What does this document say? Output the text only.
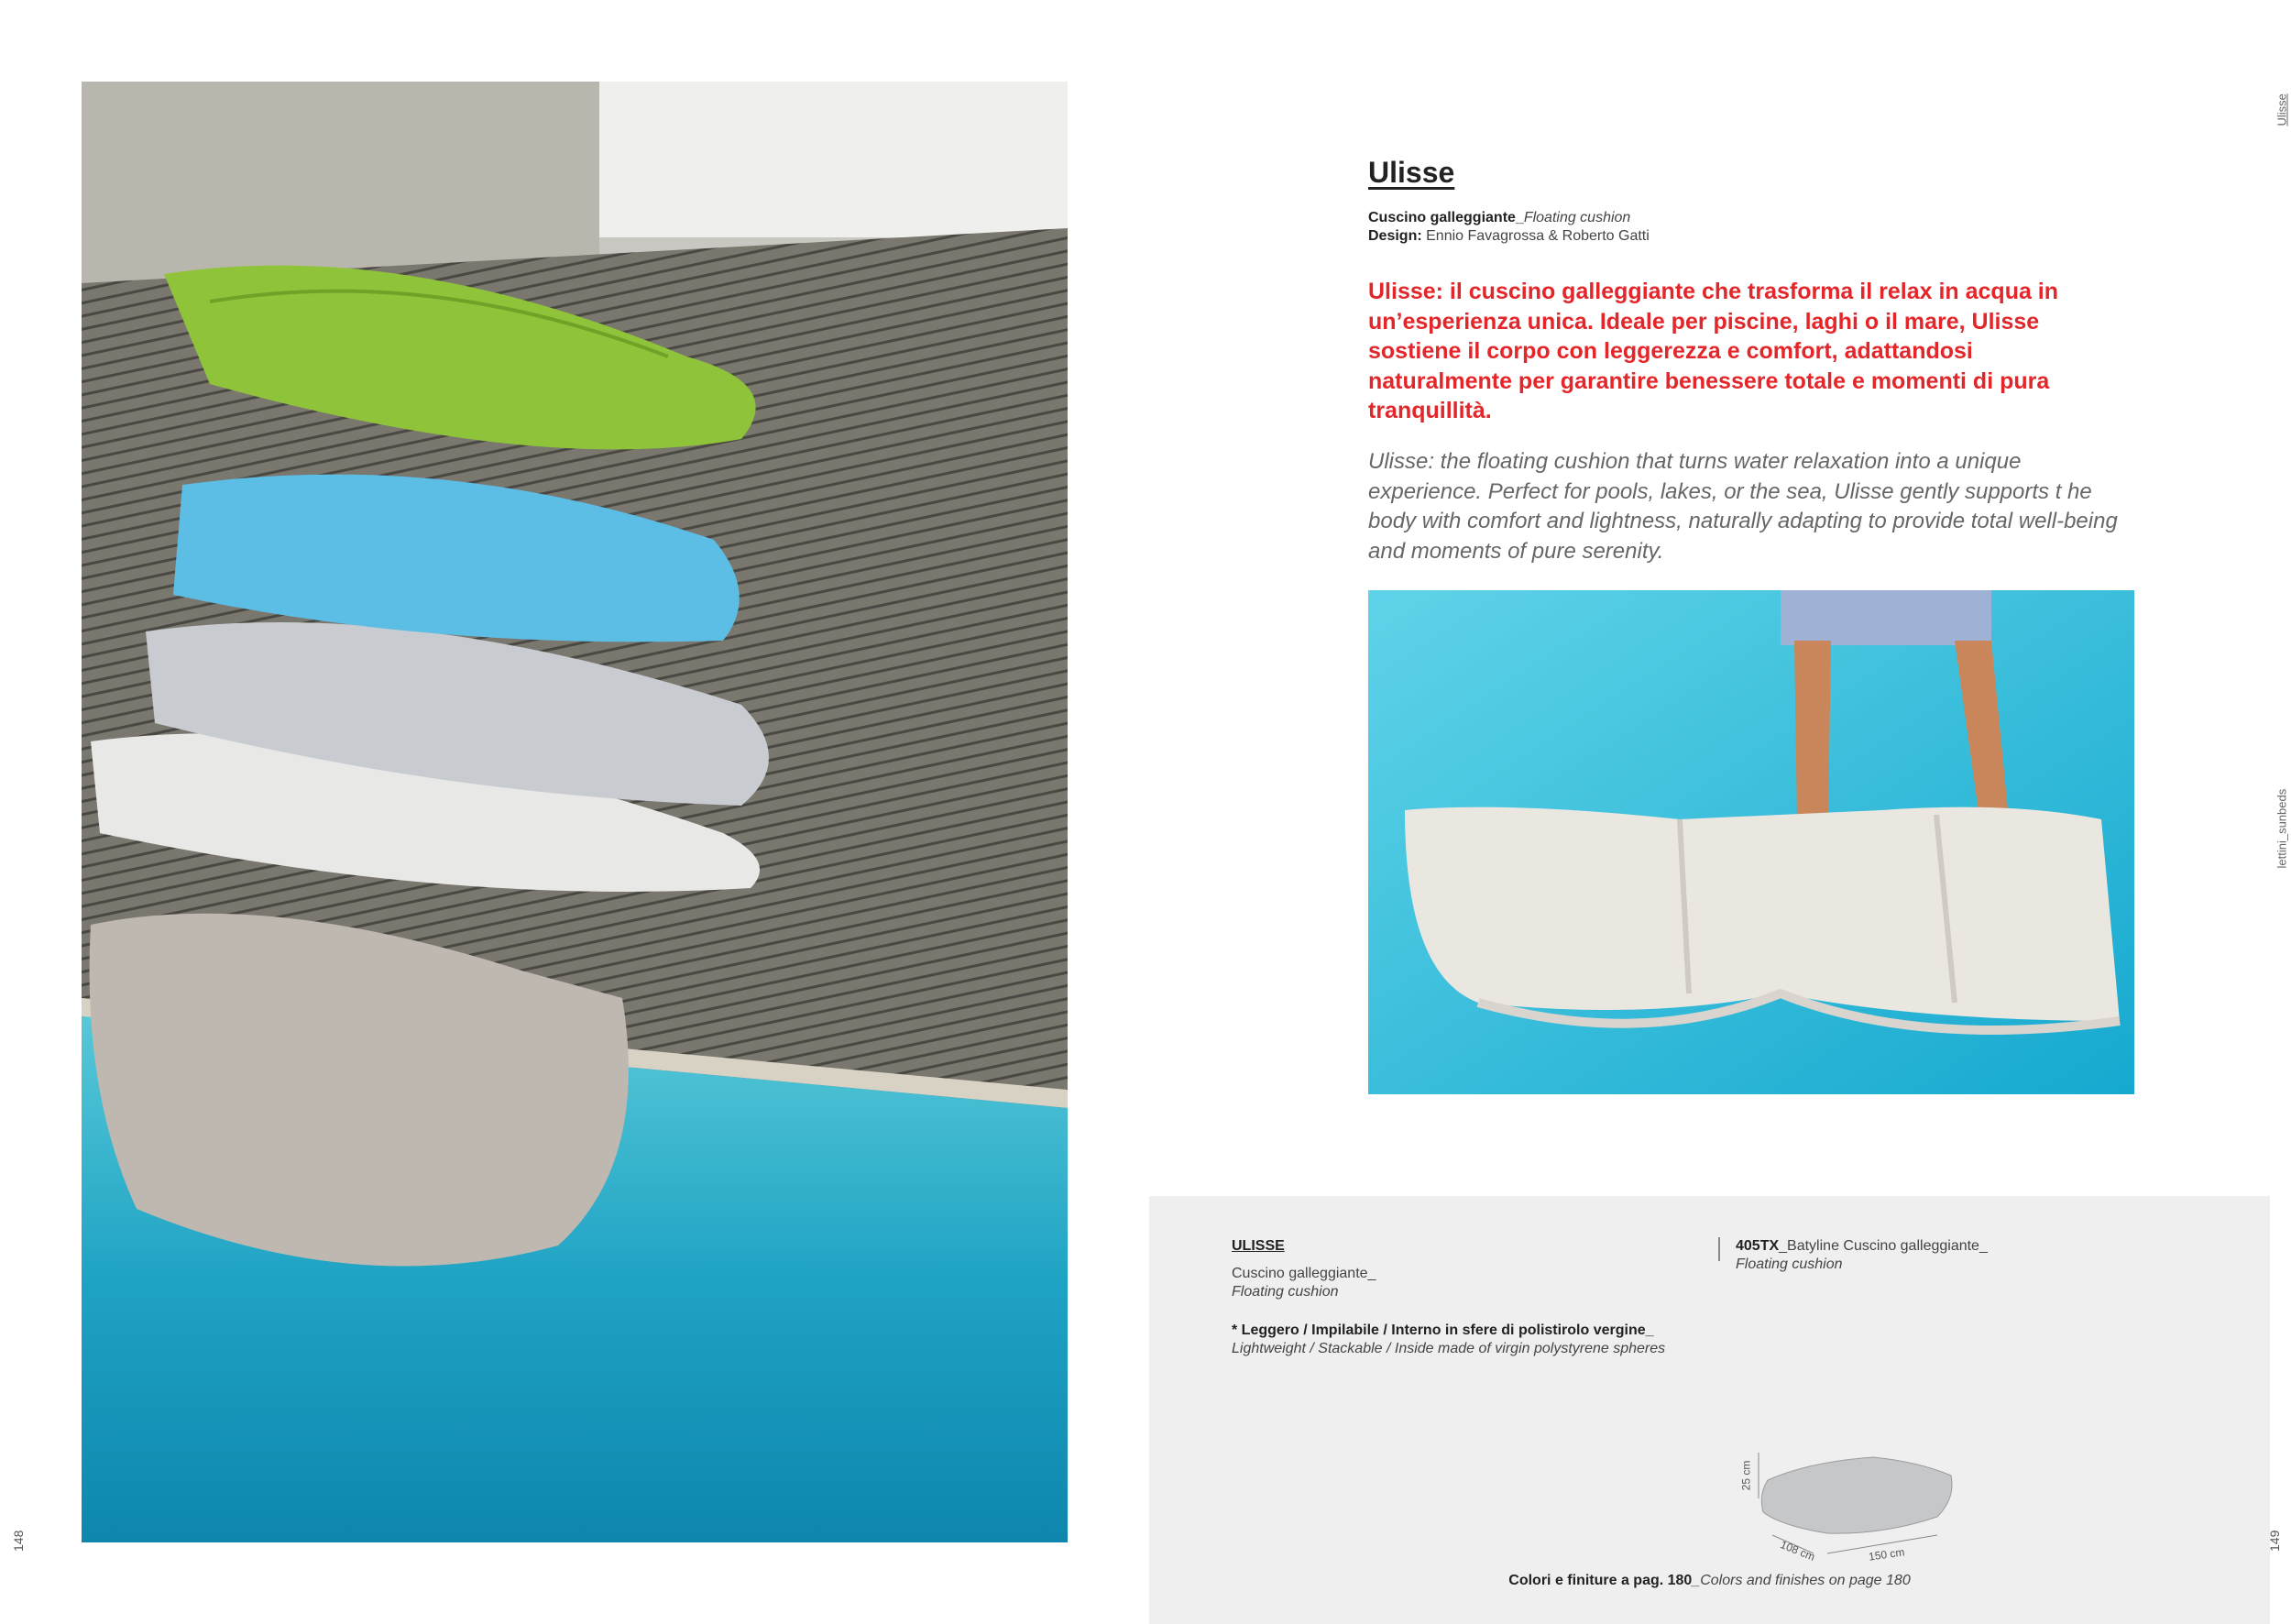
148
Ulisse
Cuscino galleggiante_Floating cushion
Design: Ennio Favagrossa & Roberto Gatti
Ulisse: il cuscino galleggiante che trasforma il relax in acqua in un’esperienza unica. Ideale per piscine, laghi o il mare, Ulisse sostiene il corpo con leggerezza e comfort, adattandosi naturalmente per garantire benessere totale e momenti di pura tranquillità.
Ulisse: the floating cushion that turns water relaxation into a unique experience. Perfect for pools, lakes, or the sea, Ulisse gently supports t he body with comfort and lightness, naturally adapting to provide total well-being and moments of pure serenity.
Ulisse
lettini_sunbeds
ULISSE
Cuscino galleggiante_
Floating cushion
* Leggero / Impilabile / Interno in sfere di polistirolo vergine_
Lightweight / Stackable / Inside made of virgin polystyrene spheres
405TX_Batyline Cuscino galleggiante_
Floating cushion
25 cm
108 cm	150 cm
Colori e finiture a pag. 180_Colors and finishes on page 180
149
